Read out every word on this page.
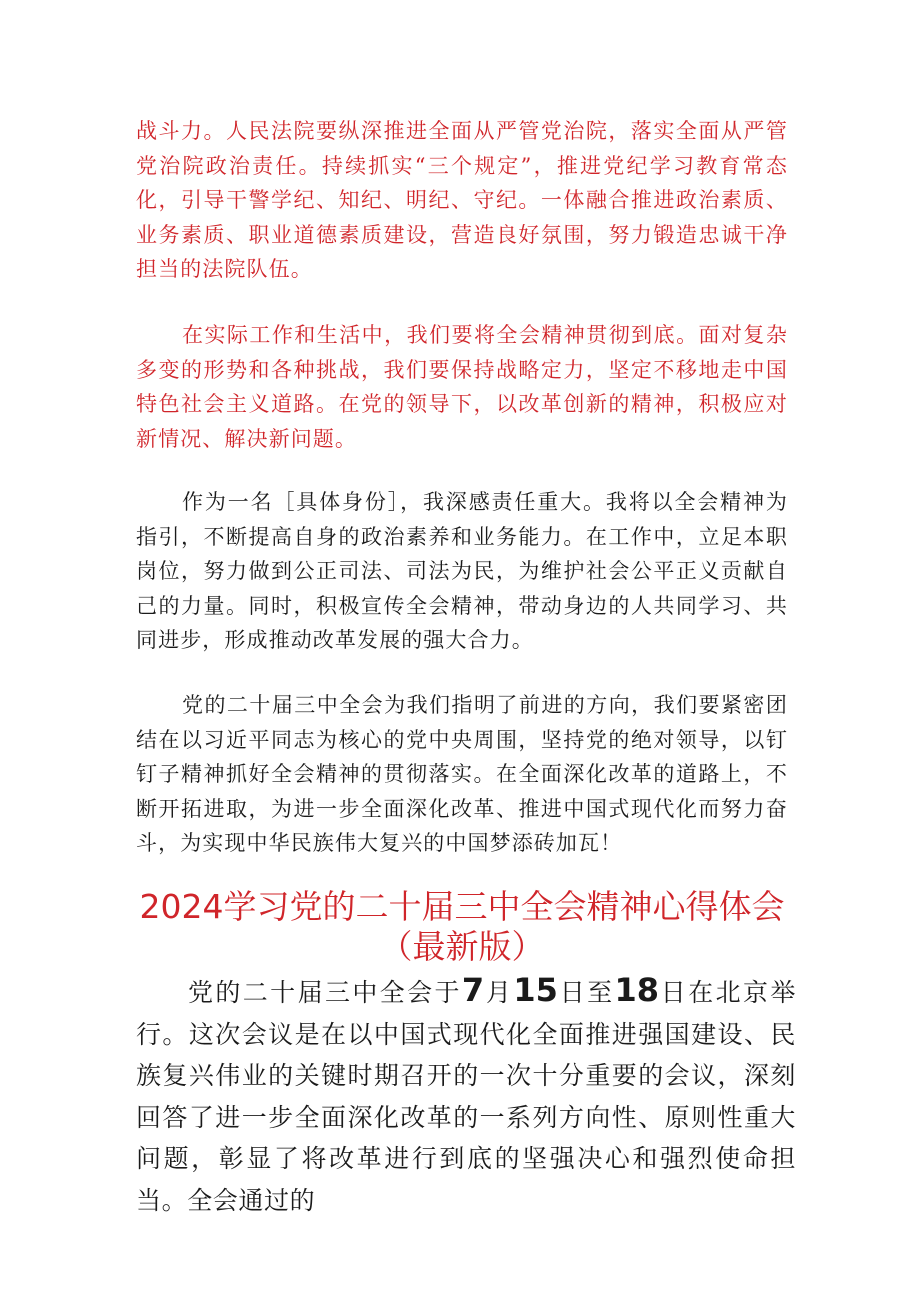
战斗力。人民法院要纵深推进全面从严管党治院，落实全面从严管党治院政治责任。持续抓实“三个规定”，推进党纪学习教育常态化，引导干警学纪、知纪、明纪、守纪。一体融合推进政治素质、业务素质、职业道德素质建设，营造良好氛围，努力锻造忠诚干净担当的法院队伍。

在实际工作和生活中，我们要将全会精神贯彻到底。面对复杂多变的形势和各种挑战，我们要保持战略定力，坚定不移地走中国特色社会主义道路。在党的领导下，以改革创新的精神，积极应对新情况、解决新问题。

作为一名［具体身份］，我深感责任重大。我将以全会精神为指引，不断提高自身的政治素养和业务能力。在工作中，立足本职岗位，努力做到公正司法、司法为民，为维护社会公平正义贡献自己的力量。同时，积极宣传全会精神，带动身边的人共同学习、共同进步，形成推动改革发展的强大合力。

党的二十届三中全会为我们指明了前进的方向，我们要紧密团结在以习近平同志为核心的党中央周围，坚持党的绝对领导，以钉钉子精神抓好全会精神的贯彻落实。在全面深化改革的道路上，不断开拓进取，为进一步全面深化改革、推进中国式现代化而努力奋斗，为实现中华民族伟大复兴的中国梦添砖加瓦！

2024学习党的二十届三中全会精神心得体会（最新版）

党的二十届三中全会于7月15日至18日在北京举行。这次会议是在以中国式现代化全面推进强国建设、民族复兴伟业的关键时期召开的一次十分重要的会议，深刻回答了进一步全面深化改革的一系列方向性、原则性重大问题，彰显了将改革进行到底的坚强决心和强烈使命担当。全会通过的
